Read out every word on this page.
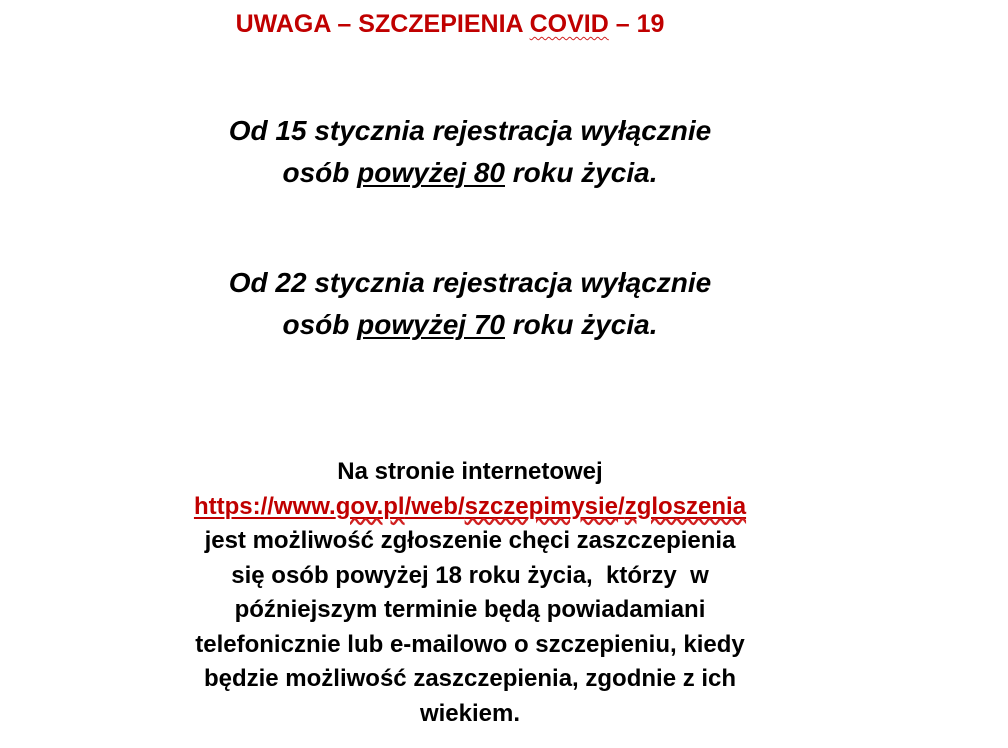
UWAGA – SZCZEPIENIA COVID – 19
Od 15 stycznia rejestracja wyłącznie
osób powyżej 80 roku życia.
Od 22 stycznia rejestracja wyłącznie
osób powyżej 70 roku życia.
Na stronie internetowej
https://www.gov.pl/web/szczepimysie/zgloszenia
jest możliwość zgłoszenie chęci zaszczepienia
się osób powyżej 18 roku życia,  którzy  w
późniejszym terminie będą powiadamiani
telefonicznie lub e-mailowo o szczepieniu, kiedy
będzie możliwość zaszczepienia, zgodnie z ich
wiekiem.
